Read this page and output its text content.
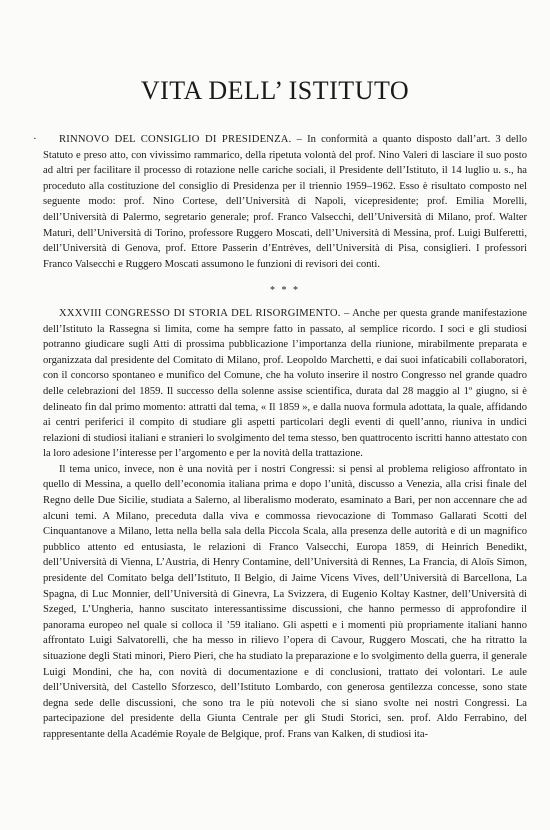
VITA DELL’ ISTITUTO
·	RINNOVO DEL CONSIGLIO DI PRESIDENZA. – In conformità a quanto disposto dall’art. 3 dello Statuto e preso atto, con vivissimo rammarico, della ripetuta volontà del prof. Nino Valeri di lasciare il suo posto ad altri per facilitare il processo di rotazione nelle cariche sociali, il Presidente dell’Istituto, il 14 luglio u. s., ha proceduto alla costituzione del consiglio di Presidenza per il triennio 1959–1962. Esso è risultato composto nel seguente modo: prof. Nino Cortese, dell’Università di Napoli, vicepresidente; prof. Emilia Morelli, dell’Università di Palermo, segretario generale; prof. Franco Valsecchi, dell’Università di Milano, prof. Walter Maturi, dell’Università di Torino, professore Ruggero Moscati, dell’Università di Messina, prof. Luigi Bulferetti, dell’Università di Genova, prof. Ettore Passerin d’Entrèves, dell’Università di Pisa, consiglieri. I professori Franco Valsecchi e Ruggero Moscati assumono le funzioni di revisori dei conti.

* * *

XXXVIII CONGRESSO DI STORIA DEL RISORGIMENTO. – Anche per questa grande manifestazione dell’Istituto la Rassegna si limita, come ha sempre fatto in passato, al semplice ricordo. I soci e gli studiosi potranno giudicare sugli Atti di prossima pubblicazione l’importanza della riunione, mirabilmente preparata e organizzata dal presidente del Comitato di Milano, prof. Leopoldo Marchetti, e dai suoi infaticabili collaboratori, con il concorso spontaneo e munifico del Comune, che ha voluto inserire il nostro Congresso nel grande quadro delle celebrazioni del 1859. Il successo della solenne assise scientifica, durata dal 28 maggio al 1º giugno, si è delineato fin dal primo momento: attratti dal tema, « Il 1859 », e dalla nuova formula adottata, la quale, affidando ai centri periferici il compito di studiare gli aspetti particolari degli eventi di quell’anno, riuniva in undici relazioni di studiosi italiani e stranieri lo svolgimento del tema stesso, ben quattrocento iscritti hanno attestato con la loro adesione l’interesse per l’argomento e per la novità della trattazione.

Il tema unico, invece, non è una novità per i nostri Congressi: si pensi al problema religioso affrontato in quello di Messina, a quello dell’economia italiana prima e dopo l’unità, discusso a Venezia, alla crisi finale del Regno delle Due Sicilie, studiata a Salerno, al liberalismo moderato, esaminato a Bari, per non accennare che ad alcuni temi. A Milano, preceduta dalla viva e commossa rievocazione di Tommaso Gallarati Scotti del Cinquantanove a Milano, letta nella bella sala della Piccola Scala, alla presenza delle autorità e di un magnifico pubblico attento ed entusiasta, le relazioni di Franco Valsecchi, Europa 1859, di Heinrich Benedikt, dell’Università di Vienna, L’Austria, di Henry Contamine, dell’Università di Rennes, La Francia, di Aloïs Simon, presidente del Comitato belga dell’Istituto, Il Belgio, di Jaime Vicens Vives, dell’Università di Barcellona, La Spagna, di Luc Monnier, dell’Università di Ginevra, La Svizzera, di Eugenio Koltay Kastner, dell’Università di Szeged, L’Ungheria, hanno suscitato interessantissime discussioni, che hanno permesso di approfondire il panorama europeo nel quale si colloca il ’59 italiano. Gli aspetti e i momenti più propriamente italiani hanno affrontato Luigi Salvatorelli, che ha messo in rilievo l’opera di Cavour, Ruggero Moscati, che ha ritratto la situazione degli Stati minori, Piero Pieri, che ha studiato la preparazione e lo svolgimento della guerra, il generale Luigi Mondini, che ha, con novità di documentazione e di conclusioni, trattato dei volontari. Le aule dell’Università, del Castello Sforzesco, dell’Istituto Lombardo, con generosa gentilezza concesse, sono state degna sede delle discussioni, che sono tra le più notevoli che si siano svolte nei nostri Congressi. La partecipazione del presidente della Giunta Centrale per gli Studi Storici, sen. prof. Aldo Ferrabino, del rappresentante della Académie Royale de Belgique, prof. Frans van Kalken, di studiosi ita-
